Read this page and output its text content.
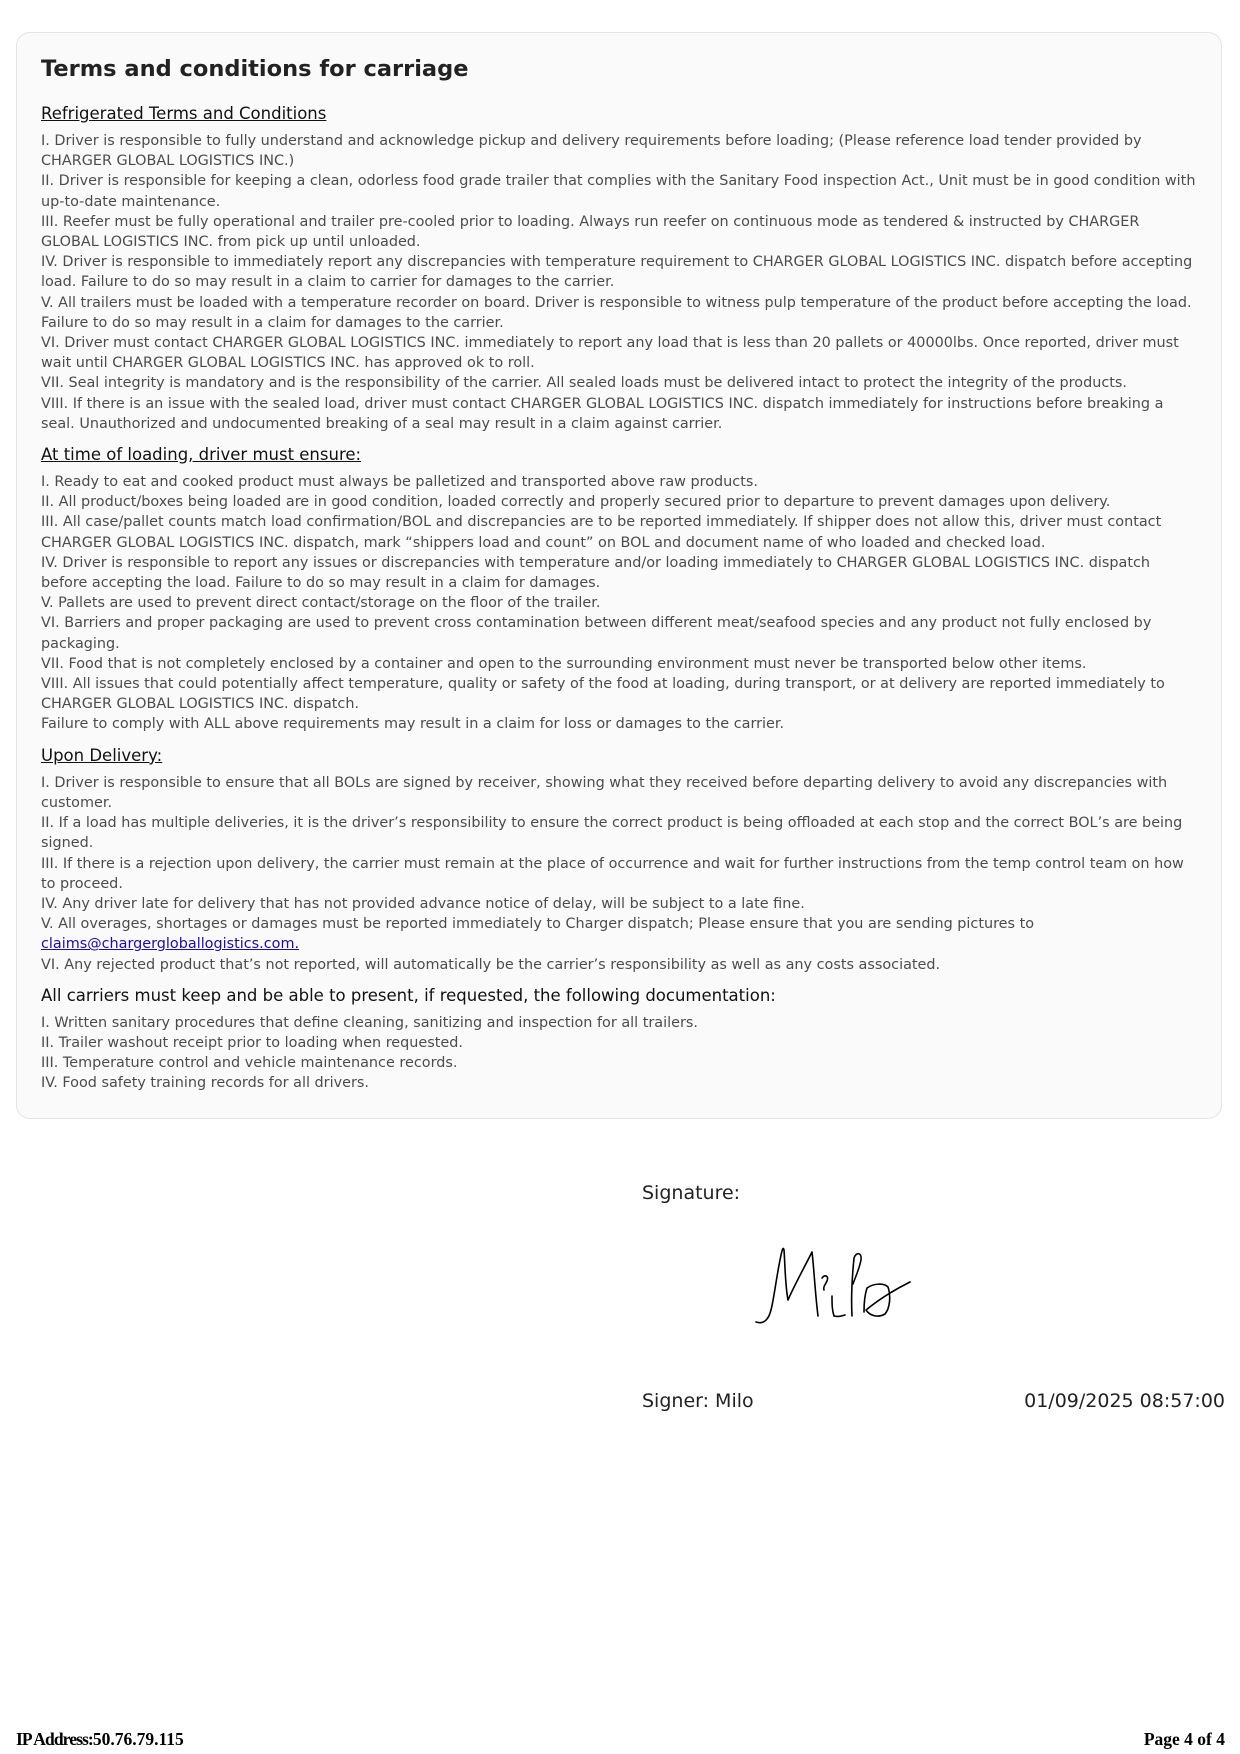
Terms and conditions for carriage
Refrigerated Terms and Conditions

I. Driver is responsible to fully understand and acknowledge pickup and delivery requirements before loading; (Please reference load tender provided by CHARGER GLOBAL LOGISTICS INC.)

II. Driver is responsible for keeping a clean, odorless food grade trailer that complies with the Sanitary Food inspection Act., Unit must be in good condition with up-to-date maintenance.

III. Reefer must be fully operational and trailer pre-cooled prior to loading. Always run reefer on continuous mode as tendered & instructed by CHARGER GLOBAL LOGISTICS INC. from pick up until unloaded.

IV. Driver is responsible to immediately report any discrepancies with temperature requirement to CHARGER GLOBAL LOGISTICS INC. dispatch before accepting load. Failure to do so may result in a claim to carrier for damages to the carrier.

V. All trailers must be loaded with a temperature recorder on board. Driver is responsible to witness pulp temperature of the product before accepting the load. Failure to do so may result in a claim for damages to the carrier.

VI. Driver must contact CHARGER GLOBAL LOGISTICS INC. immediately to report any load that is less than 20 pallets or 40000lbs. Once reported, driver must wait until CHARGER GLOBAL LOGISTICS INC. has approved ok to roll.

VII. Seal integrity is mandatory and is the responsibility of the carrier. All sealed loads must be delivered intact to protect the integrity of the products.

VIII. If there is an issue with the sealed load, driver must contact CHARGER GLOBAL LOGISTICS INC. dispatch immediately for instructions before breaking a seal. Unauthorized and undocumented breaking of a seal may result in a claim against carrier.

At time of loading, driver must ensure:

I. Ready to eat and cooked product must always be palletized and transported above raw products.

II. All product/boxes being loaded are in good condition, loaded correctly and properly secured prior to departure to prevent damages upon delivery.

III. All case/pallet counts match load confirmation/BOL and discrepancies are to be reported immediately. If shipper does not allow this, driver must contact CHARGER GLOBAL LOGISTICS INC. dispatch, mark “shippers load and count” on BOL and document name of who loaded and checked load.

IV. Driver is responsible to report any issues or discrepancies with temperature and/or loading immediately to CHARGER GLOBAL LOGISTICS INC. dispatch before accepting the load. Failure to do so may result in a claim for damages.

V. Pallets are used to prevent direct contact/storage on the floor of the trailer.

VI. Barriers and proper packaging are used to prevent cross contamination between different meat/seafood species and any product not fully enclosed by packaging.

VII. Food that is not completely enclosed by a container and open to the surrounding environment must never be transported below other items.

VIII. All issues that could potentially affect temperature, quality or safety of the food at loading, during transport, or at delivery are reported immediately to CHARGER GLOBAL LOGISTICS INC. dispatch.

Failure to comply with ALL above requirements may result in a claim for loss or damages to the carrier.

Upon Delivery:

I. Driver is responsible to ensure that all BOLs are signed by receiver, showing what they received before departing delivery to avoid any discrepancies with customer.

II. If a load has multiple deliveries, it is the driver’s responsibility to ensure the correct product is being offloaded at each stop and the correct BOL’s are being signed.

III. If there is a rejection upon delivery, the carrier must remain at the place of occurrence and wait for further instructions from the temp control team on how to proceed.

IV. Any driver late for delivery that has not provided advance notice of delay, will be subject to a late fine.

V. All overages, shortages or damages must be reported immediately to Charger dispatch; Please ensure that you are sending pictures to

claims@chargergloballogistics.com.

VI. Any rejected product that’s not reported, will automatically be the carrier’s responsibility as well as any costs associated.

All carriers must keep and be able to present, if requested, the following documentation:

I. Written sanitary procedures that define cleaning, sanitizing and inspection for all trailers.

II. Trailer washout receipt prior to loading when requested.

III. Temperature control and vehicle maintenance records.

IV. Food safety training records for all drivers.

Signature:
Signer: Milo	01/09/2025 08:57:00
IP Address:50.76.79.115	Page 4 of 4
